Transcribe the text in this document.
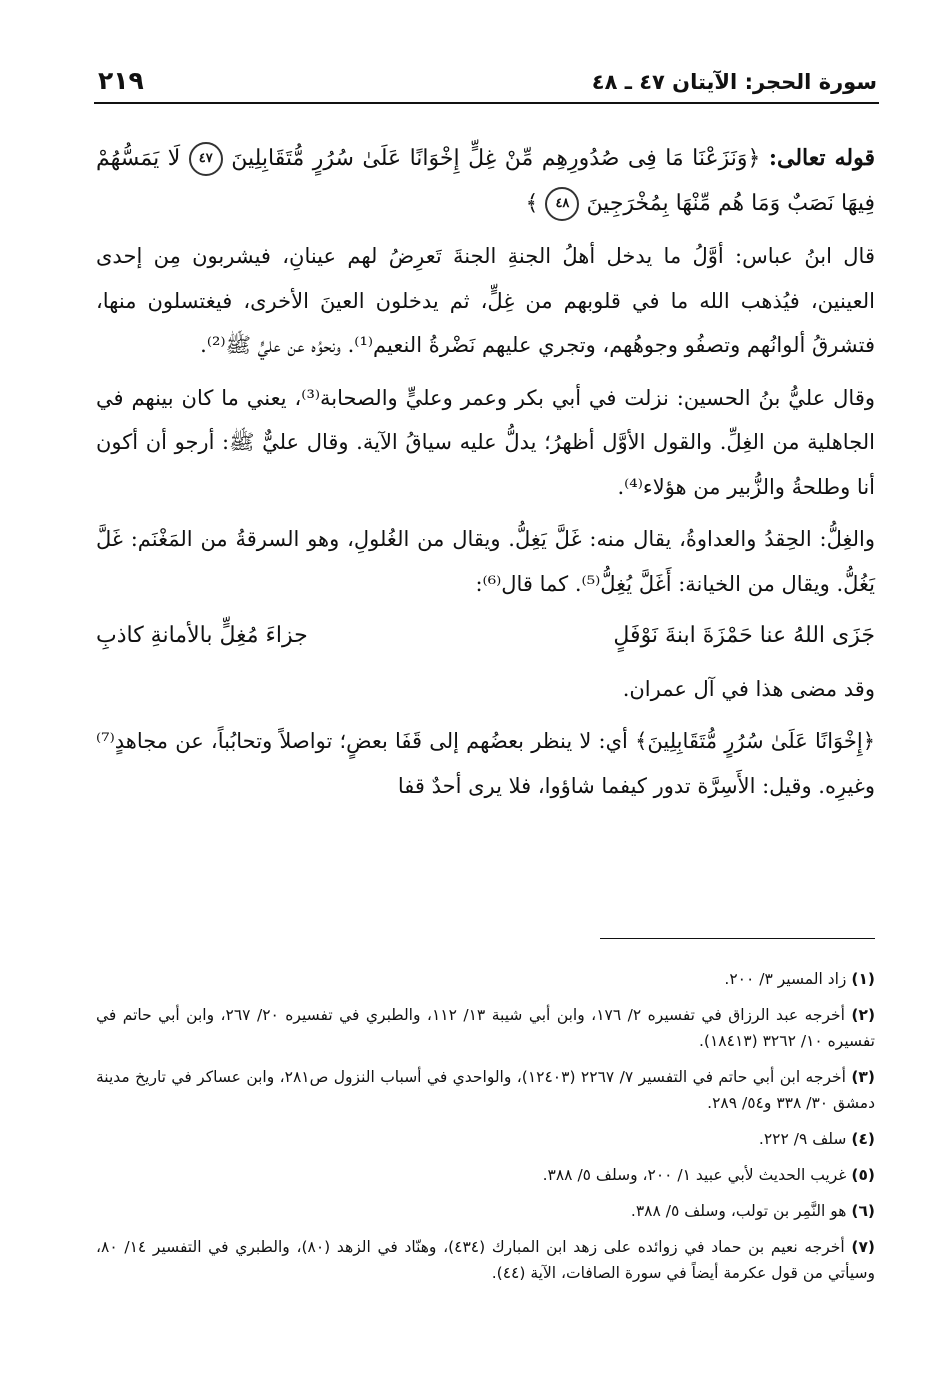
سورة الحجر: الآيتان ٤٧ ـ ٤٨
٢١٩

قوله تعالى: ﴿وَنَزَعْنَا مَا فِى صُدُورِهِم مِّنْ غِلٍّ إِخْوَانًا عَلَىٰ سُرُرٍ مُّتَقَابِلِينَ ٤٧ لَا يَمَسُّهُمْ فِيهَا نَصَبٌ وَمَا هُم مِّنْهَا بِمُخْرَجِينَ ٤٨ ﴾

قال ابنُ عباس: أوَّلُ ما يدخل أهلُ الجنةِ الجنةَ تَعرِضُ لهم عينانِ، فيشربون مِن إحدى العينين، فيُذهب الله ما في قلوبهم من غِلٍّ، ثم يدخلون العينَ الأخرى، فيغتسلون منها، فتشرقُ ألوانُهم وتصفُو وجوهُهم، وتجري عليهم نَضْرةُ النعيم⁽¹⁾. ونحوُه عن عليٍّ ﷺ⁽²⁾.

وقال عليُّ بنُ الحسين: نزلت في أبي بكر وعمر وعليٍّ والصحابة⁽³⁾، يعني ما كان بينهم في الجاهلية من الغِلِّ. والقول الأوَّل أظهرُ؛ يدلُّ عليه سياقُ الآية. وقال عليٌّ ﷺ: أرجو أن أكون أنا وطلحةُ والزُّبير من هؤلاء⁽⁴⁾.

والغِلُّ: الحِقدُ والعداوةُ، يقال منه: غَلَّ يَغِلُّ. ويقال من الغُلولِ، وهو السرقةُ من المَغْنَم: غَلَّ يَغُلُّ. ويقال من الخيانة: أَغَلَّ يُغِلُّ⁽⁵⁾. كما قال⁽⁶⁾:

جَزَى اللهُ عنا حَمْزَةَ ابنةَ نَوْفَلٍ
جزاءَ مُغِلٍّ بالأمانةِ كاذبِ

وقد مضى هذا في آل عمران.

﴿إِخْوَانًا عَلَىٰ سُرُرٍ مُّتَقَابِلِينَ﴾ أي: لا ينظر بعضُهم إلى قَفَا بعضٍ؛ تواصلاً وتحابُباً، عن مجاهدٍ⁽⁷⁾ وغيرِه. وقيل: الأَسِرَّة تدور كيفما شاؤوا، فلا يرى أحدٌ قفا

(١) زاد المسير ٣/ ٢٠٠.
(٢) أخرجه عبد الرزاق في تفسيره ٢/ ١٧٦، وابن أبي شيبة ١٣/ ١١٢، والطبري في تفسيره ٢٠/ ٢٦٧، وابن أبي حاتم في تفسيره ١٠/ ٣٢٦٢ (١٨٤١٣).
(٣) أخرجه ابن أبي حاتم في التفسير ٧/ ٢٢٦٧ (١٢٤٠٣)، والواحدي في أسباب النزول ص٢٨١، وابن عساكر في تاريخ مدينة دمشق ٣٠/ ٣٣٨ و٥٤/ ٢٨٩.
(٤) سلف ٩/ ٢٢٢.
(٥) غريب الحديث لأبي عبيد ١/ ٢٠٠، وسلف ٥/ ٣٨٨.
(٦) هو النَّمِر بن تولب، وسلف ٥/ ٣٨٨.
(٧) أخرجه نعيم بن حماد في زوائده على زهد ابن المبارك (٤٣٤)، وهنّاد في الزهد (٨٠)، والطبري في التفسير ١٤/ ٨٠، وسيأتي من قول عكرمة أيضاً في سورة الصافات، الآية (٤٤).
